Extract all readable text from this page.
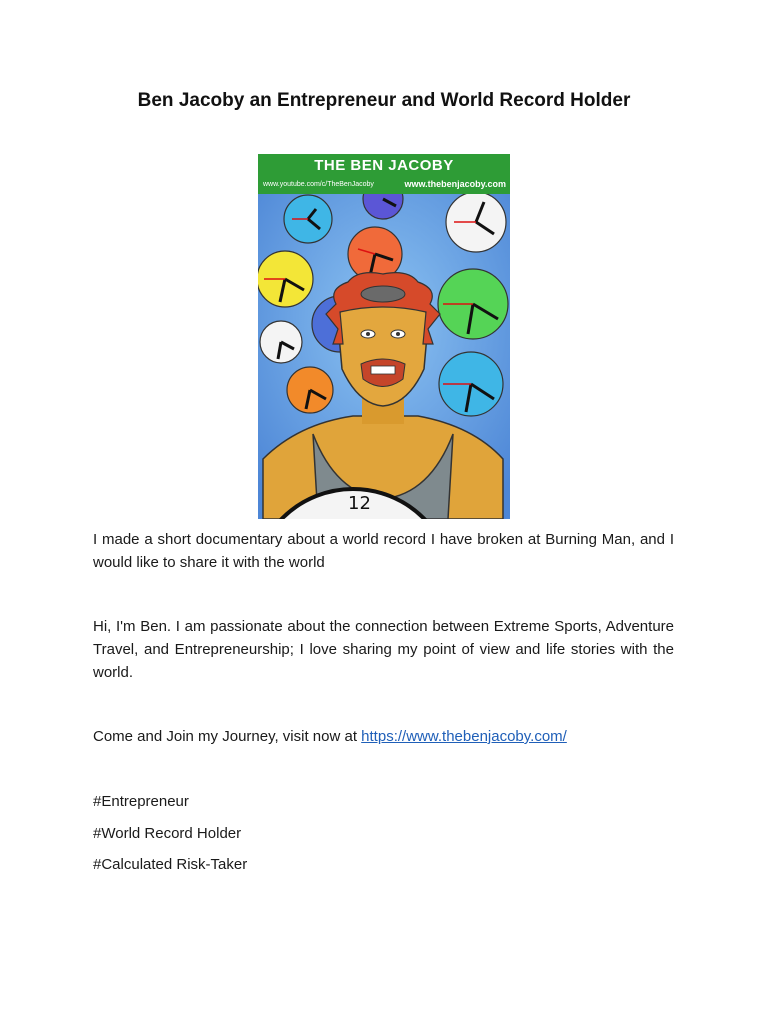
Ben Jacoby an Entrepreneur and World Record Holder
THE BEN JACOBY
www.youtube.com/c/TheBenJacoby	www.thebenjacoby.com
12
I made a short documentary about a world record I have broken at Burning Man, and I would like to share it with the world
Hi, I'm Ben. I am passionate about the connection between Extreme Sports, Adventure Travel, and Entrepreneurship; I love sharing my point of view and life stories with the world.
Come and Join my Journey, visit now at https://www.thebenjacoby.com/
#Entrepreneur
#World Record Holder
#Calculated Risk-Taker
